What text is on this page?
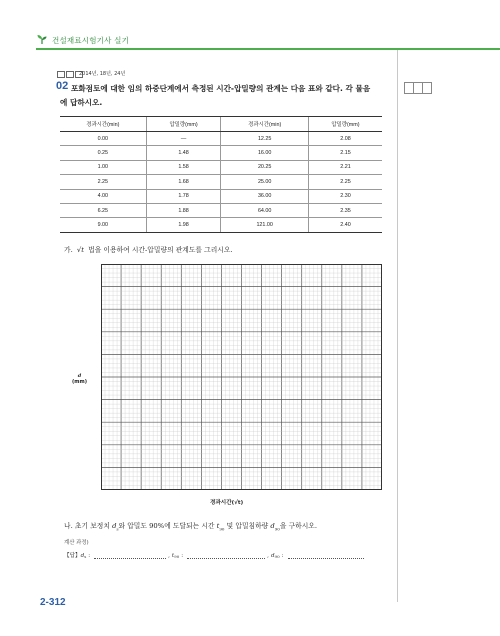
건설재료시험기사 실기
2014년, 18년, 24년
02 포화점토에 대한 임의 하중단계에서 측정된 시간-압밀량의 관계는 다음 표와 같다. 각 물음
에 답하시오.
경과시간(min)	압밀량(mm)	경과시간(min)	압밀량(mm)
0.00	—	12.25	2.08
0.25	1.48	16.00	2.15
1.00	1.58	20.25	2.21
2.25	1.68	25.00	2.25
4.00	1.78	36.00	2.30
6.25	1.88	64.00	2.35
9.00	1.98	121.00	2.40
가. √t 법을 이용하여 시간-압밀량의 관계도를 그리시오.
d
(mm)
경과시간(√t)
나. 초기 보정치 $d_s$와 압밀도 90%에 도달되는 시간 $t_{90}$ 및 압밀침하량 $d_{90}$을 구하시오.
계산 과정)
【답】 d s :	, t 90 :	, d 90 :
2-312
